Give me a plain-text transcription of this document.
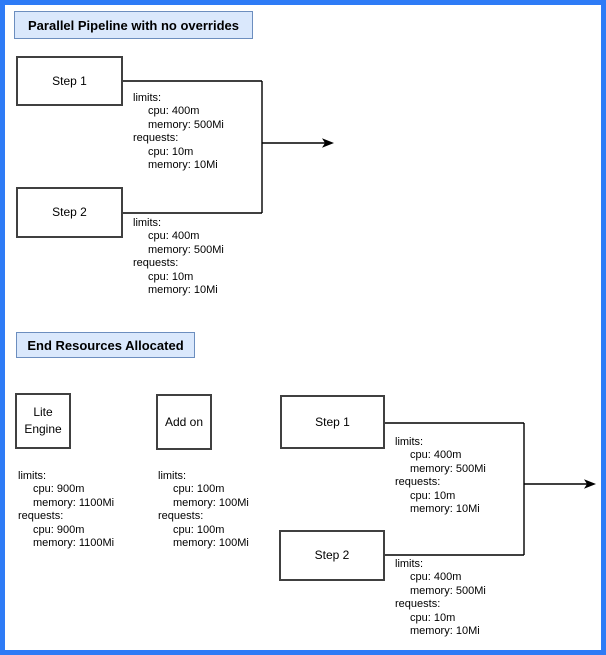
Parallel Pipeline with no overrides
Step 1
limits:
cpu: 400m
memory: 500Mi
requests:
cpu: 10m
memory: 10Mi
Step 2
limits:
cpu: 400m
memory: 500Mi
requests:
cpu: 10m
memory: 10Mi
End Resources Allocated
Lite Engine
limits:
cpu: 900m
memory: 1100Mi
requests:
cpu: 900m
memory: 1100Mi
Add on
limits:
cpu: 100m
memory: 100Mi
requests:
cpu: 100m
memory: 100Mi
Step 1
limits:
cpu: 400m
memory: 500Mi
requests:
cpu: 10m
memory: 10Mi
Step 2
limits:
cpu: 400m
memory: 500Mi
requests:
cpu: 10m
memory: 10Mi
